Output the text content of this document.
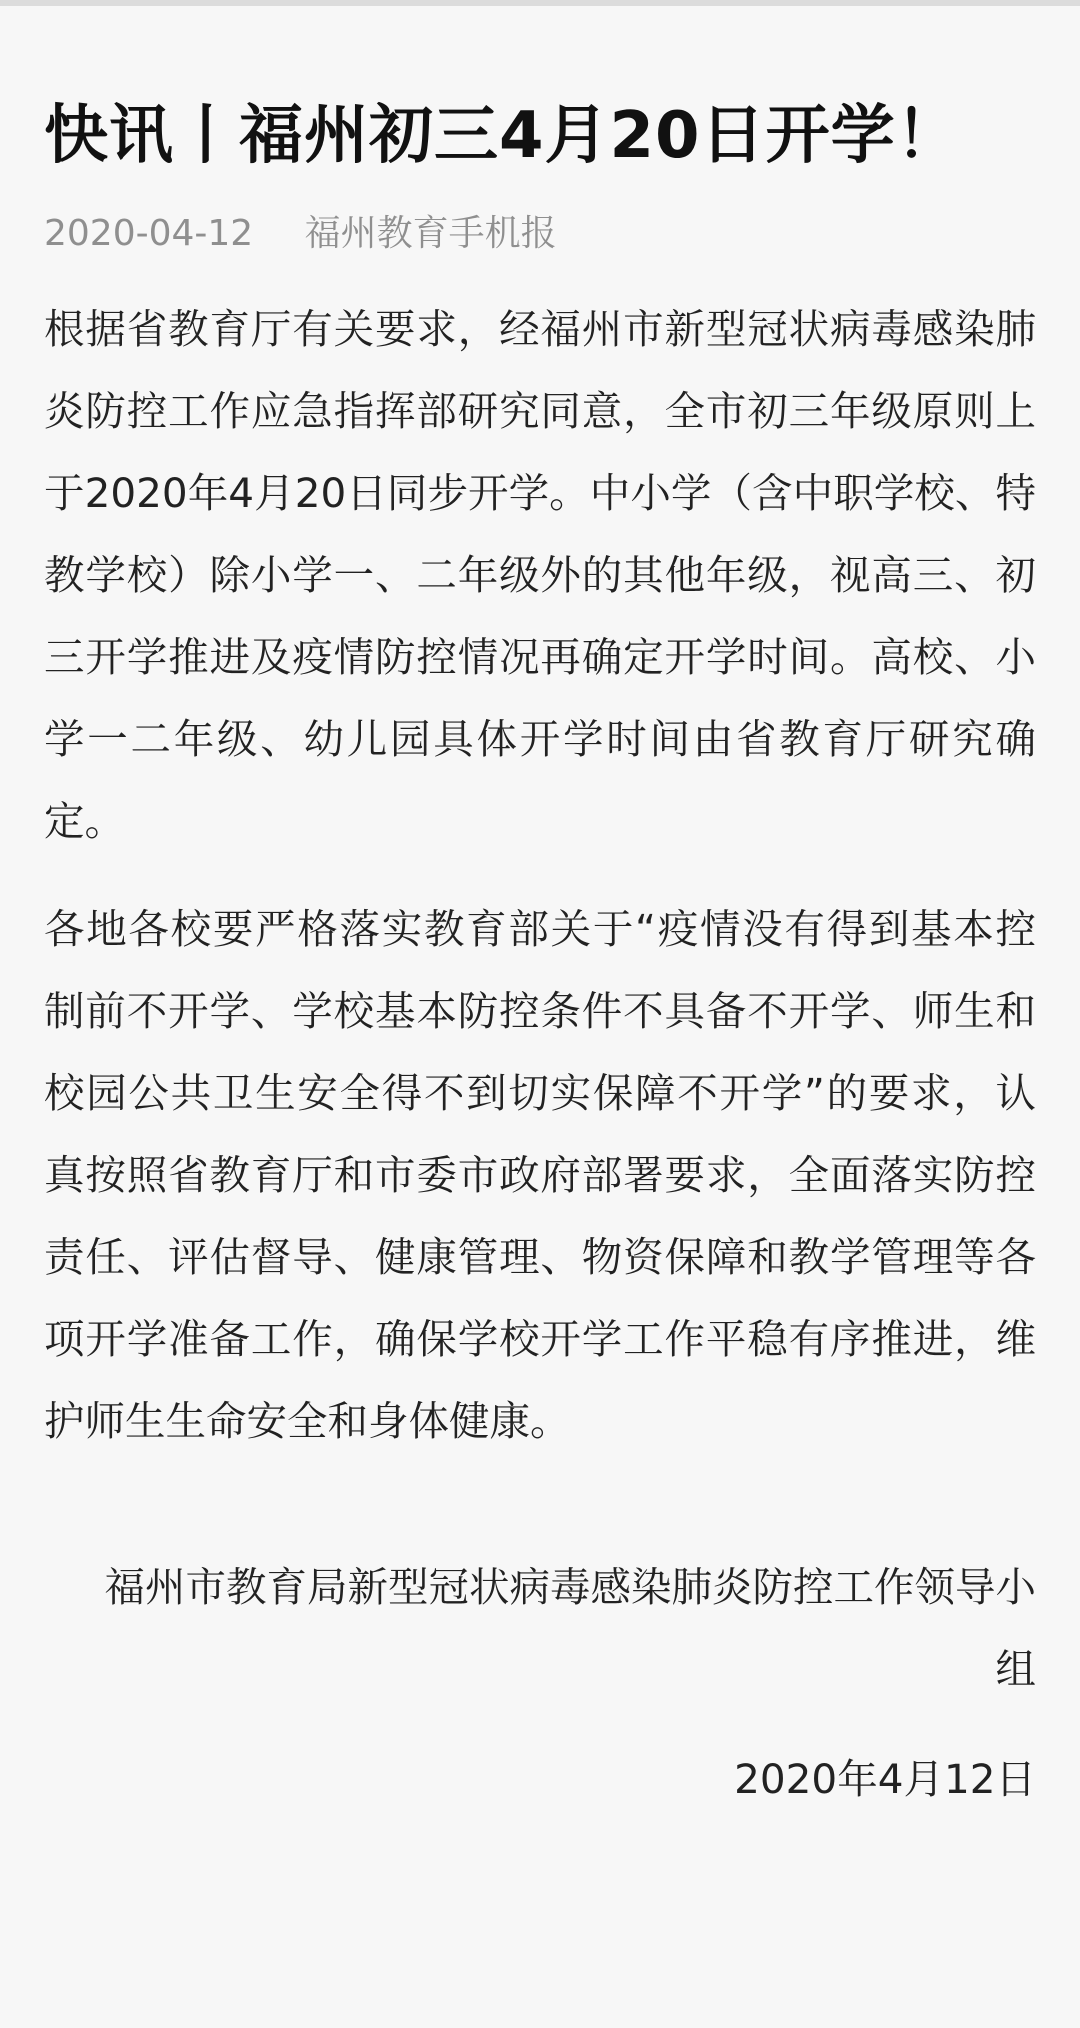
快讯丨福州初三4月20日开学！
2020-04-12 福州教育手机报

根据省教育厅有关要求，经福州市新型冠状病毒感染肺炎防控工作应急指挥部研究同意，全市初三年级原则上于2020年4月20日同步开学。中小学（含中职学校、特教学校）除小学一、二年级外的其他年级，视高三、初三开学推进及疫情防控情况再确定开学时间。高校、小学一二年级、幼儿园具体开学时间由省教育厅研究确定。

各地各校要严格落实教育部关于“疫情没有得到基本控制前不开学、学校基本防控条件不具备不开学、师生和校园公共卫生安全得不到切实保障不开学”的要求，认真按照省教育厅和市委市政府部署要求，全面落实防控责任、评估督导、健康管理、物资保障和教学管理等各项开学准备工作，确保学校开学工作平稳有序推进，维护师生生命安全和身体健康。

福州市教育局新型冠状病毒感染肺炎防控工作领导小组
2020年4月12日
